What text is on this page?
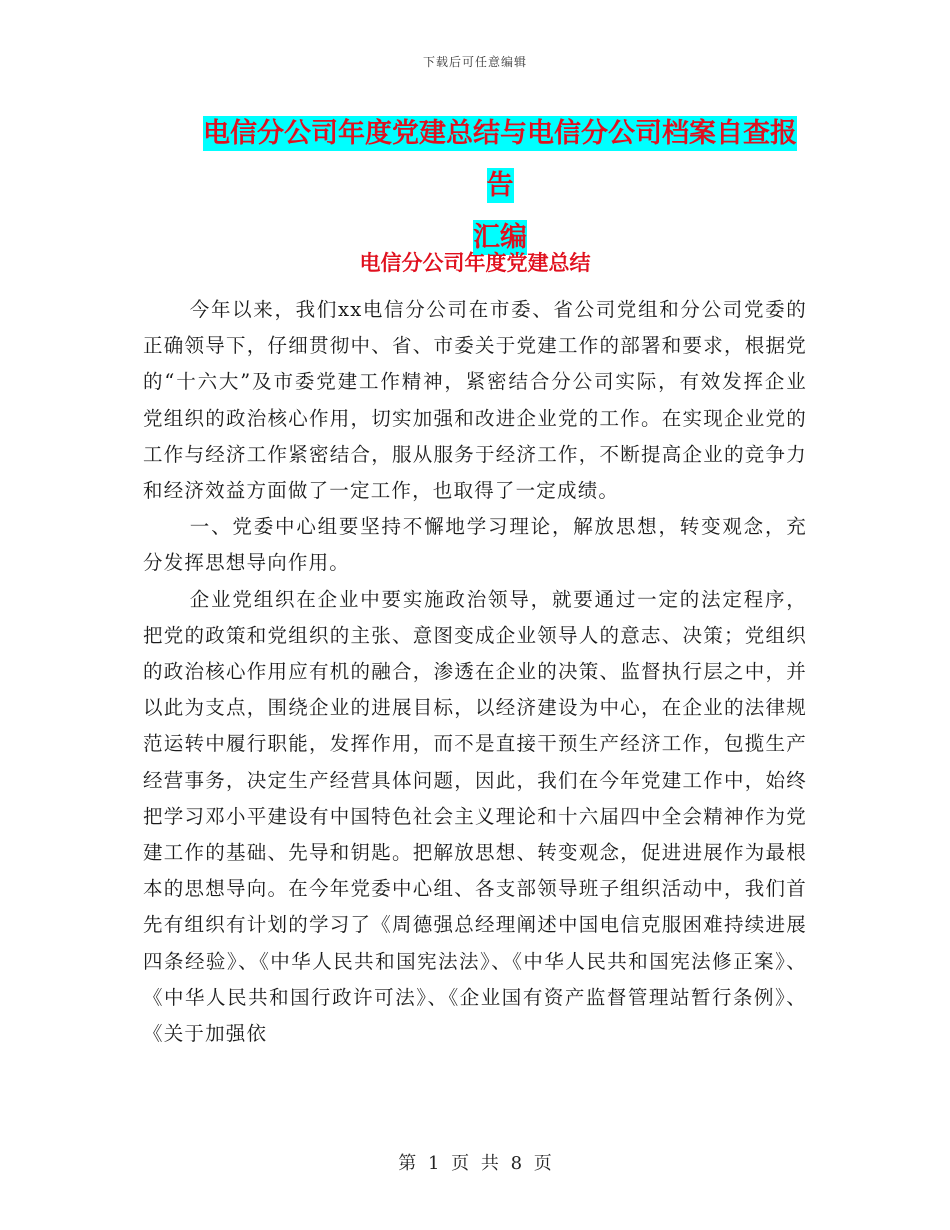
下载后可任意编辑
电信分公司年度党建总结与电信分公司档案自查报告
汇编
电信分公司年度党建总结

今年以来，我们xx电信分公司在市委、省公司党组和分公司党委的正确领导下，仔细贯彻中、省、市委关于党建工作的部署和要求，根据党的“十六大”及市委党建工作精神，紧密结合分公司实际，有效发挥企业党组织的政治核心作用，切实加强和改进企业党的工作。在实现企业党的工作与经济工作紧密结合，服从服务于经济工作，不断提高企业的竞争力和经济效益方面做了一定工作，也取得了一定成绩。

一、党委中心组要坚持不懈地学习理论，解放思想，转变观念，充分发挥思想导向作用。

企业党组织在企业中要实施政治领导，就要通过一定的法定程序，把党的政策和党组织的主张、意图变成企业领导人的意志、决策；党组织的政治核心作用应有机的融合，渗透在企业的决策、监督执行层之中，并以此为支点，围绕企业的进展目标，以经济建设为中心，在企业的法律规范运转中履行职能，发挥作用，而不是直接干预生产经济工作，包揽生产经营事务，决定生产经营具体问题，因此，我们在今年党建工作中，始终把学习邓小平建设有中国特色社会主义理论和十六届四中全会精神作为党建工作的基础、先导和钥匙。把解放思想、转变观念，促进进展作为最根本的思想导向。在今年党委中心组、各支部领导班子组织活动中，我们首先有组织有计划的学习了《周德强总经理阐述中国电信克服困难持续进展四条经验》、《中华人民共和国宪法法》、《中华人民共和国宪法修正案》、《中华人民共和国行政许可法》、《企业国有资产监督管理站暂行条例》、《关于加强依

第 1 页 共 8 页
